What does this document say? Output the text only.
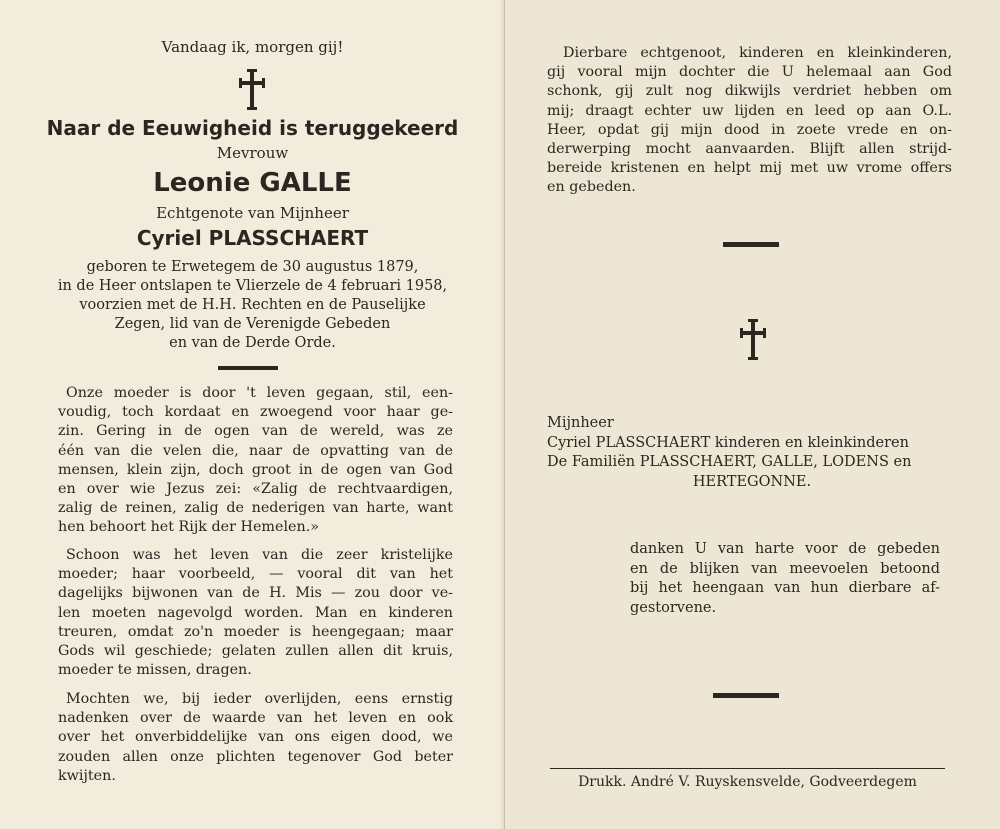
Vandaag ik, morgen gij!
Naar de Eeuwigheid is teruggekeerd
Mevrouw
Leonie GALLE
Echtgenote van Mijnheer
Cyriel PLASSCHAERT
geboren te Erwetegem de 30 augustus 1879,
in de Heer ontslapen te Vlierzele de 4 februari 1958,
voorzien met de H.H. Rechten en de Pauselijke
Zegen, lid van de Verenigde Gebeden
en van de Derde Orde.
Onze moeder is door 't leven gegaan, stil, een-
voudig, toch kordaat en zwoegend voor haar ge-
zin. Gering in de ogen van de wereld, was ze
één van die velen die, naar de opvatting van de
mensen, klein zijn, doch groot in de ogen van God
en over wie Jezus zei: «Zalig de rechtvaardigen,
zalig de reinen, zalig de nederigen van harte, want
hen behoort het Rijk der Hemelen.»
Schoon was het leven van die zeer kristelijke
moeder; haar voorbeeld, — vooral dit van het
dagelijks bijwonen van de H. Mis — zou door ve-
len moeten nagevolgd worden. Man en kinderen
treuren, omdat zo'n moeder is heengegaan; maar
Gods wil geschiede; gelaten zullen allen dit kruis,
moeder te missen, dragen.
Mochten we, bij ieder overlijden, eens ernstig
nadenken over de waarde van het leven en ook
over het onverbiddelijke van ons eigen dood, we
zouden allen onze plichten tegenover God beter
kwijten.
Dierbare echtgenoot, kinderen en kleinkinderen,
gij vooral mijn dochter die U helemaal aan God
schonk, gij zult nog dikwijls verdriet hebben om
mij; draagt echter uw lijden en leed op aan O.L.
Heer, opdat gij mijn dood in zoete vrede en on-
derwerping mocht aanvaarden. Blijft allen strijd-
bereide kristenen en helpt mij met uw vrome offers
en gebeden.
Mijnheer
Cyriel PLASSCHAERT kinderen en kleinkinderen
De Familiën PLASSCHAERT, GALLE, LODENS en
HERTEGONNE.
danken U van harte voor de gebeden
en de blijken van meevoelen betoond
bij het heengaan van hun dierbare af-
gestorvene.
Drukk. André V. Ruyskensvelde, Godveerdegem
